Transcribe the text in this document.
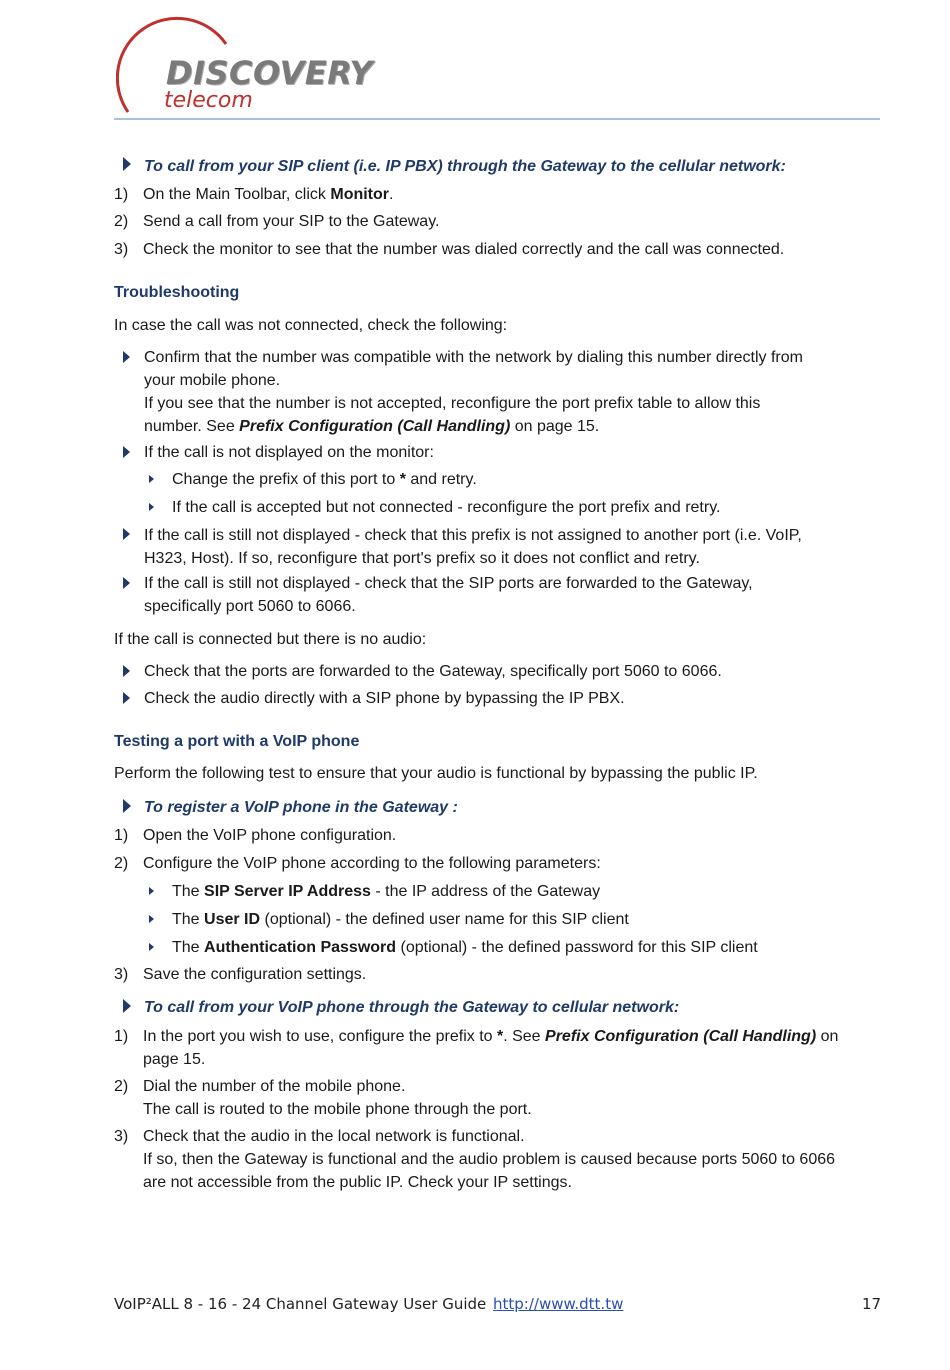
DISCOVERY
telecom
To call from your SIP client (i.e. IP PBX) through the Gateway to the cellular network:
1) On the Main Toolbar, click Monitor.
2) Send a call from your SIP to the Gateway.
3) Check the monitor to see that the number was dialed correctly and the call was connected.
Troubleshooting
In case the call was not connected, check the following:
Confirm that the number was compatible with the network by dialing this number directly from
your mobile phone.
If you see that the number is not accepted, reconfigure the port prefix table to allow this
number. See Prefix Configuration (Call Handling) on page 15.
If the call is not displayed on the monitor:
Change the prefix of this port to * and retry.
If the call is accepted but not connected - reconfigure the port prefix and retry.
If the call is still not displayed - check that this prefix is not assigned to another port (i.e. VoIP,
H323, Host). If so, reconfigure that port's prefix so it does not conflict and retry.
If the call is still not displayed - check that the SIP ports are forwarded to the Gateway,
specifically port 5060 to 6066.
If the call is connected but there is no audio:
Check that the ports are forwarded to the Gateway, specifically port 5060 to 6066.
Check the audio directly with a SIP phone by bypassing the IP PBX.
Testing a port with a VoIP phone
Perform the following test to ensure that your audio is functional by bypassing the public IP.
To register a VoIP phone in the Gateway :
1) Open the VoIP phone configuration.
2) Configure the VoIP phone according to the following parameters:
The SIP Server IP Address - the IP address of the Gateway
The User ID (optional) - the defined user name for this SIP client
The Authentication Password (optional) - the defined password for this SIP client
3) Save the configuration settings.
To call from your VoIP phone through the Gateway to cellular network:
1) In the port you wish to use, configure the prefix to *. See Prefix Configuration (Call Handling) on
page 15.
2) Dial the number of the mobile phone.
The call is routed to the mobile phone through the port.
3) Check that the audio in the local network is functional.
If so, then the Gateway is functional and the audio problem is caused because ports 5060 to 6066
are not accessible from the public IP. Check your IP settings.
VoIP²ALL 8 - 16 - 24 Channel Gateway User Guide http://www.dtt.tw	17
